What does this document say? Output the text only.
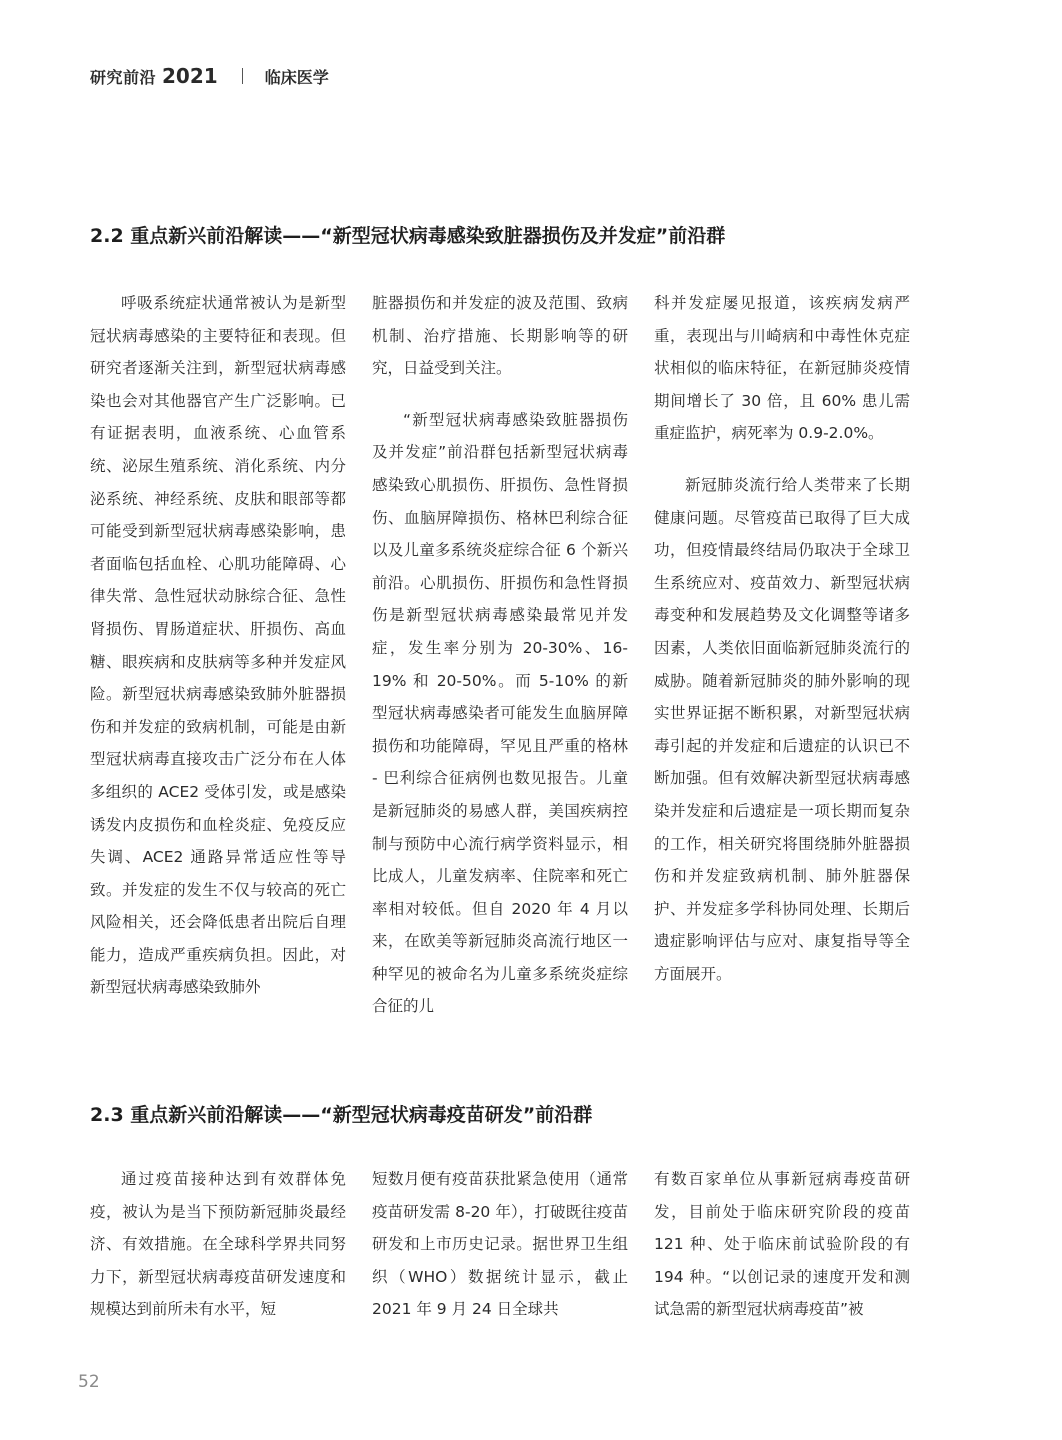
研究前沿 2021	临床医学
2.2 重点新兴前沿解读——“新型冠状病毒感染致脏器损伤及并发症”前沿群

呼吸系统症状通常被认为是新型冠状病毒感染的主要特征和表现。但研究者逐渐关注到，新型冠状病毒感染也会对其他器官产生广泛影响。已有证据表明，血液系统、心血管系统、泌尿生殖系统、消化系统、内分泌系统、神经系统、皮肤和眼部等都可能受到新型冠状病毒感染影响，患者面临包括血栓、心肌功能障碍、心律失常、急性冠状动脉综合征、急性肾损伤、胃肠道症状、肝损伤、高血糖、眼疾病和皮肤病等多种并发症风险。新型冠状病毒感染致肺外脏器损伤和并发症的致病机制，可能是由新型冠状病毒直接攻击广泛分布在人体多组织的 ACE2 受体引发，或是感染诱发内皮损伤和血栓炎症、免疫反应失调、ACE2 通路异常适应性等导致。并发症的发生不仅与较高的死亡风险相关，还会降低患者出院后自理能力，造成严重疾病负担。因此，对新型冠状病毒感染致肺外

脏器损伤和并发症的波及范围、致病机制、治疗措施、长期影响等的研究，日益受到关注。

“新型冠状病毒感染致脏器损伤及并发症”前沿群包括新型冠状病毒感染致心肌损伤、肝损伤、急性肾损伤、血脑屏障损伤、格林巴利综合征以及儿童多系统炎症综合征 6 个新兴前沿。心肌损伤、肝损伤和急性肾损伤是新型冠状病毒感染最常见并发症，发生率分别为 20-30%、16-19% 和 20-50%。而 5-10% 的新型冠状病毒感染者可能发生血脑屏障损伤和功能障碍，罕见且严重的格林 - 巴利综合征病例也数见报告。儿童是新冠肺炎的易感人群，美国疾病控制与预防中心流行病学资料显示，相比成人，儿童发病率、住院率和死亡率相对较低。但自 2020 年 4 月以来，在欧美等新冠肺炎高流行地区一种罕见的被命名为儿童多系统炎症综合征的儿

科并发症屡见报道，该疾病发病严重，表现出与川崎病和中毒性休克症状相似的临床特征，在新冠肺炎疫情期间增长了 30 倍，且 60% 患儿需重症监护，病死率为 0.9-2.0%。

新冠肺炎流行给人类带来了长期健康问题。尽管疫苗已取得了巨大成功，但疫情最终结局仍取决于全球卫生系统应对、疫苗效力、新型冠状病毒变种和发展趋势及文化调整等诸多因素，人类依旧面临新冠肺炎流行的威胁。随着新冠肺炎的肺外影响的现实世界证据不断积累，对新型冠状病毒引起的并发症和后遗症的认识已不断加强。但有效解决新型冠状病毒感染并发症和后遗症是一项长期而复杂的工作，相关研究将围绕肺外脏器损伤和并发症致病机制、肺外脏器保护、并发症多学科协同处理、长期后遗症影响评估与应对、康复指导等全方面展开。

2.3 重点新兴前沿解读——“新型冠状病毒疫苗研发”前沿群

通过疫苗接种达到有效群体免疫，被认为是当下预防新冠肺炎最经济、有效措施。在全球科学界共同努力下，新型冠状病毒疫苗研发速度和规模达到前所未有水平，短

短数月便有疫苗获批紧急使用（通常疫苗研发需 8-20 年），打破既往疫苗研发和上市历史记录。据世界卫生组织（WHO）数据统计显示，截止 2021 年 9 月 24 日全球共

有数百家单位从事新冠病毒疫苗研发，目前处于临床研究阶段的疫苗 121 种、处于临床前试验阶段的有 194 种。“以创记录的速度开发和测试急需的新型冠状病毒疫苗”被

52
